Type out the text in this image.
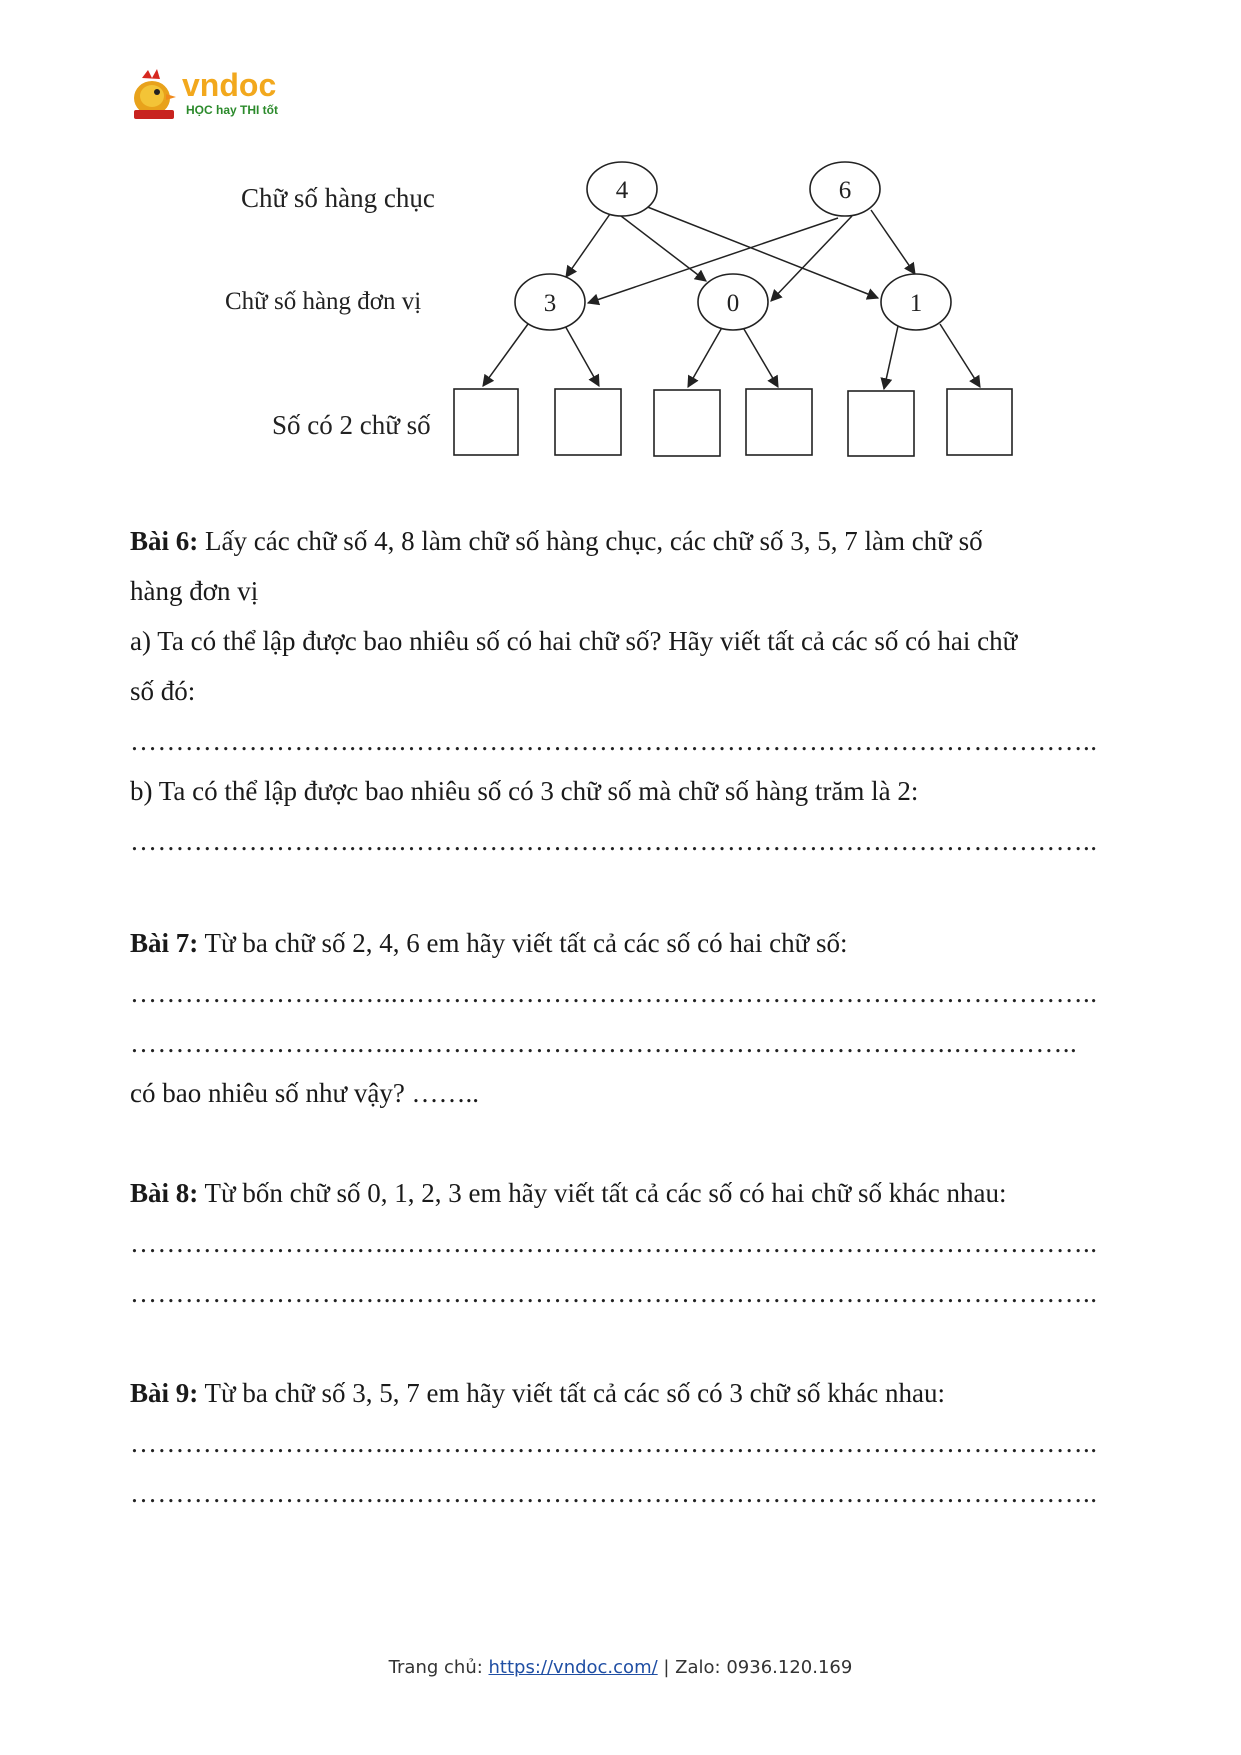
vndoc
HỌC hay THI tốt
Chữ số hàng chục
Chữ số hàng đơn vị
Số có 2 chữ số
4	6
3	0	1
Bài 6: Lấy các chữ số 4, 8 làm chữ số hàng chục, các chữ số 3, 5, 7 làm chữ số
hàng đơn vị
a) Ta có thể lập được bao nhiêu số có hai chữ số? Hãy viết tất cả các số có hai chữ
số đó:
…………………….…..…………………………………………………………………..
b) Ta có thể lập được bao nhiêu số có 3 chữ số mà chữ số hàng trăm là 2:
…………………….…..…………………………………………………………………..
Bài 7: Từ ba chữ số 2, 4, 6 em hãy viết tất cả các số có hai chữ số:
…………………….…..…………………………………………………………………..
…………………….…..…………………………………………………….…………..
có bao nhiêu số như vậy? ……..
Bài 8: Từ bốn chữ số 0, 1, 2, 3 em hãy viết tất cả các số có hai chữ số khác nhau:
…………………….…..…………………………………………………………………..
…………………….…..…………………………………………………………………..
Bài 9: Từ ba chữ số 3, 5, 7 em hãy viết tất cả các số có 3 chữ số khác nhau:
…………………….…..…………………………………………………………………..
…………………….…..…………………………………………………………………..
Trang chủ: https://vndoc.com/ | Zalo: 0936.120.169
